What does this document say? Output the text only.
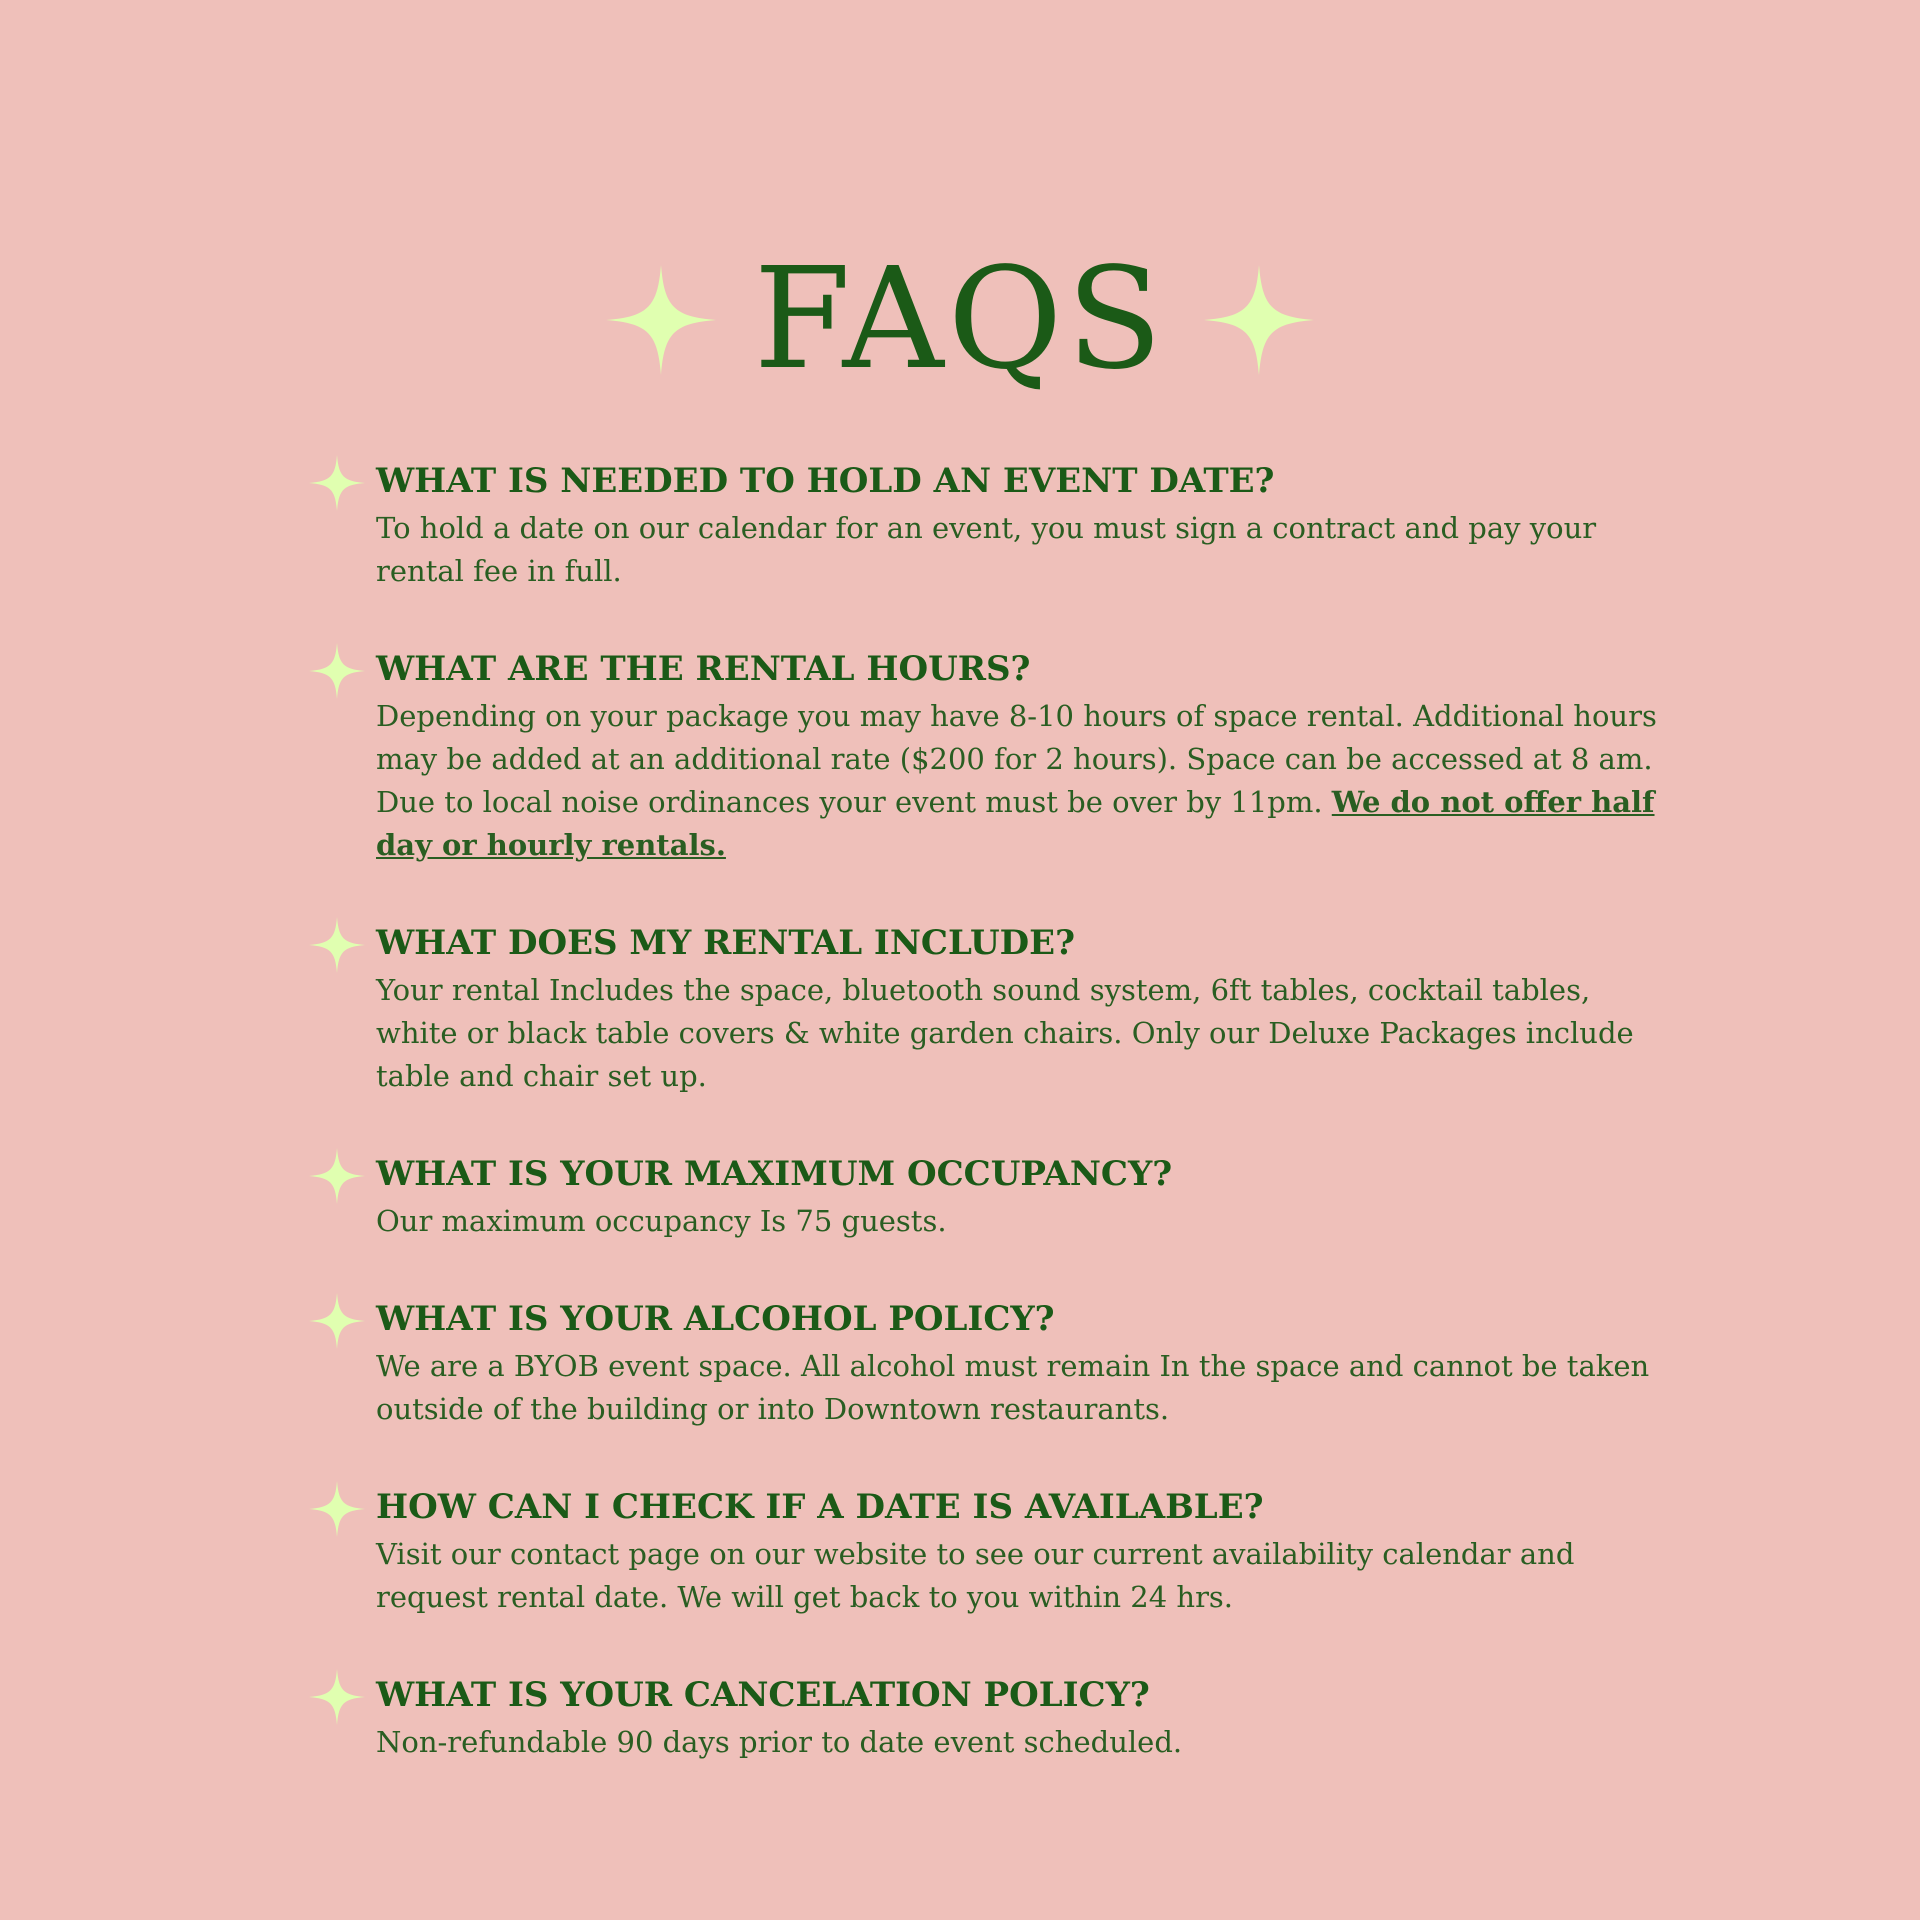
FAQS

WHAT IS NEEDED TO HOLD AN EVENT DATE?

To hold a date on our calendar for an event, you must sign a contract and pay your rental fee in full.

WHAT ARE THE RENTAL HOURS?

Depending on your package you may have 8-10 hours of space rental. Additional hours may be added at an additional rate ($200 for 2 hours). Space can be accessed at 8 am. Due to local noise ordinances your event must be over by 11pm. We do not offer half day or hourly rentals.

WHAT DOES MY RENTAL INCLUDE?

Your rental Includes the space, bluetooth sound system, 6ft tables, cocktail tables, white or black table covers & white garden chairs. Only our Deluxe Packages include table and chair set up.

WHAT IS YOUR MAXIMUM OCCUPANCY?

Our maximum occupancy Is 75 guests.

WHAT IS YOUR ALCOHOL POLICY?

We are a BYOB event space. All alcohol must remain In the space and cannot be taken outside of the building or into Downtown restaurants.

HOW CAN I CHECK IF A DATE IS AVAILABLE?

Visit our contact page on our website to see our current availability calendar and request rental date. We will get back to you within 24 hrs.

WHAT IS YOUR CANCELATION POLICY?

Non-refundable 90 days prior to date event scheduled.
